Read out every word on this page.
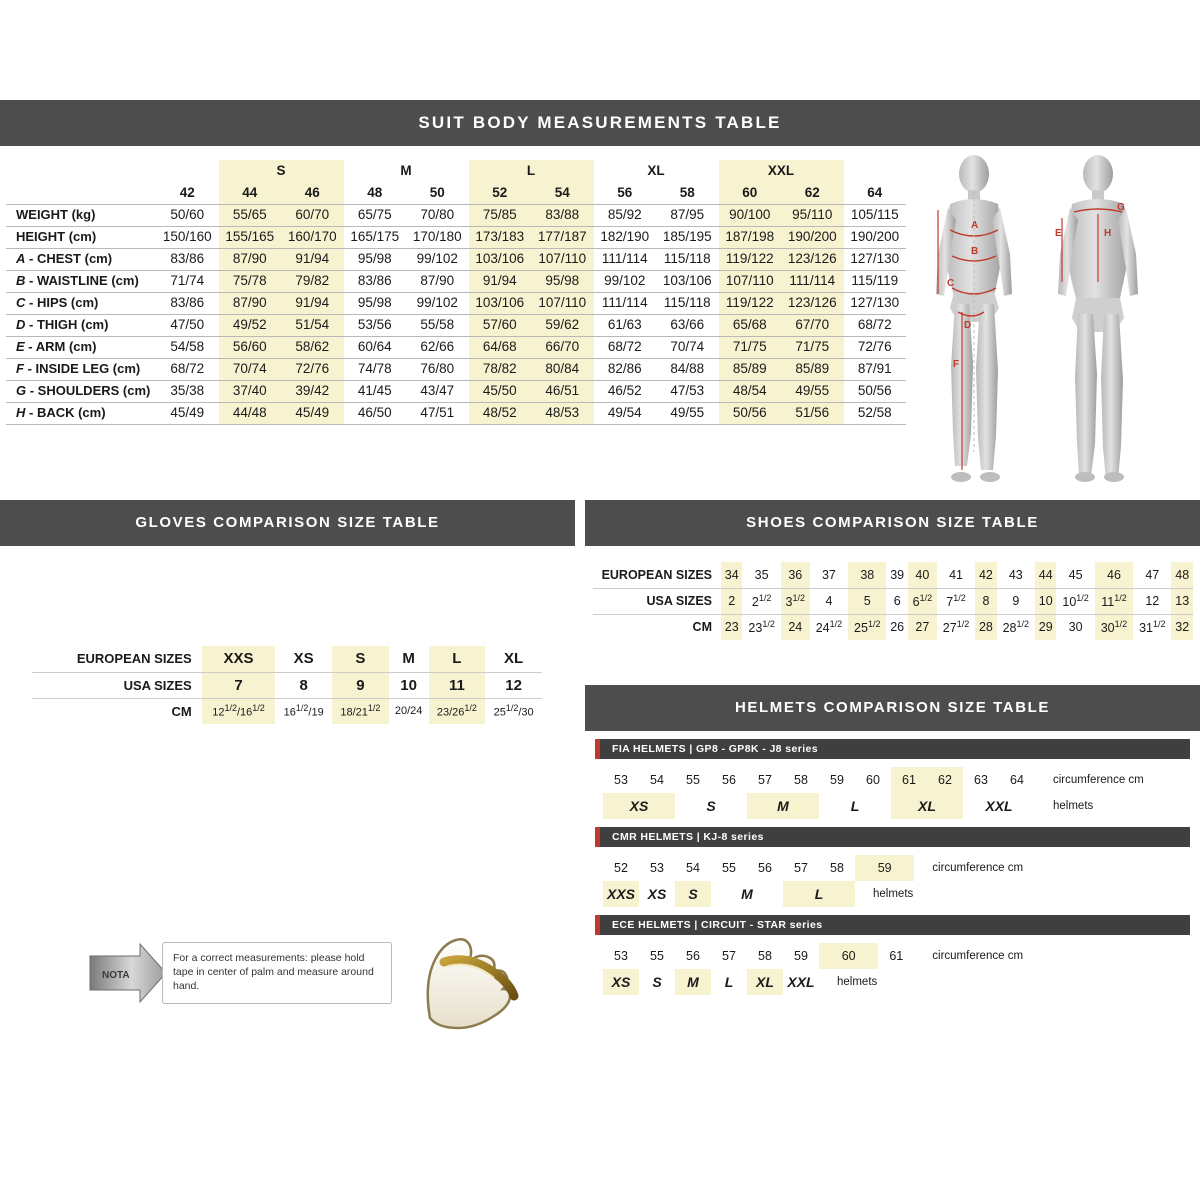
SUIT BODY MEASUREMENTS TABLE
		S		M		L		XL		XXL		
	42	44	46	48	50	52	54	56	58	60	62	64
WEIGHT (kg)	50/60	55/65	60/70	65/75	70/80	75/85	83/88	85/92	87/95	90/100	95/110	105/115
HEIGHT (cm)	150/160	155/165	160/170	165/175	170/180	173/183	177/187	182/190	185/195	187/198	190/200	190/200
A - CHEST (cm)	83/86	87/90	91/94	95/98	99/102	103/106	107/110	111/114	115/118	119/122	123/126	127/130
B - WAISTLINE (cm)	71/74	75/78	79/82	83/86	87/90	91/94	95/98	99/102	103/106	107/110	111/114	115/119
C - HIPS (cm)	83/86	87/90	91/94	95/98	99/102	103/106	107/110	111/114	115/118	119/122	123/126	127/130
D - THIGH (cm)	47/50	49/52	51/54	53/56	55/58	57/60	59/62	61/63	63/66	65/68	67/70	68/72
E - ARM (cm)	54/58	56/60	58/62	60/64	62/66	64/68	66/70	68/72	70/74	71/75	71/75	72/76
F - INSIDE LEG (cm)	68/72	70/74	72/76	74/78	76/80	78/82	80/84	82/86	84/88	85/89	85/89	87/91
G - SHOULDERS (cm)	35/38	37/40	39/42	41/45	43/47	45/50	46/51	46/52	47/53	48/54	49/55	50/56
H - BACK (cm)	45/49	44/48	45/49	46/50	47/51	48/52	48/53	49/54	49/55	50/56	51/56	52/58
A
B
C
D
F
G
E	H
GLOVES COMPARISON SIZE TABLE
EUROPEAN SIZES	XXS	XS	S	M	L	XL
USA SIZES	7	8	9	10	11	12
CM	$12^{1/2}/16^{1/2}$	$16^{1/2}/19$	$18/21^{1/2}$	20/24	$23/26^{1/2}$	$25^{1/2}/30$
NOTA
For a correct measurements: please hold tape in center of palm and measure around hand.
SHOES COMPARISON SIZE TABLE
EUROPEAN SIZES	34	35	36	37	38	39	40	41	42	43	44	45	46	47	48
USA SIZES	2	$2^{1/2}$	$3^{1/2}$	4	5	6	$6^{1/2}$	$7^{1/2}$	8	9	10	$10^{1/2}$	$11^{1/2}$	12	13
CM	23	$23^{1/2}$	24	$24^{1/2}$	$25^{1/2}$	26	27	$27^{1/2}$	28	$28^{1/2}$	29	30	$30^{1/2}$	$31^{1/2}$	32
HELMETS COMPARISON SIZE TABLE
FIA HELMETS | GP8 - GP8K - J8 series
53	54	55	56	57	58	59	60	61	62	63	64	circumference cm
XS		S		M		L		XL		XXL		helmets
CMR HELMETS | KJ-8 series
52	53	54	55	56	57	58	59	circumference cm
XXS	XS	S	M		L		helmets	
ECE HELMETS | CIRCUIT - STAR series
53	55	56	57	58	59	60	61	circumference cm
XS	S	M	L	XL	XXL	helmets		
